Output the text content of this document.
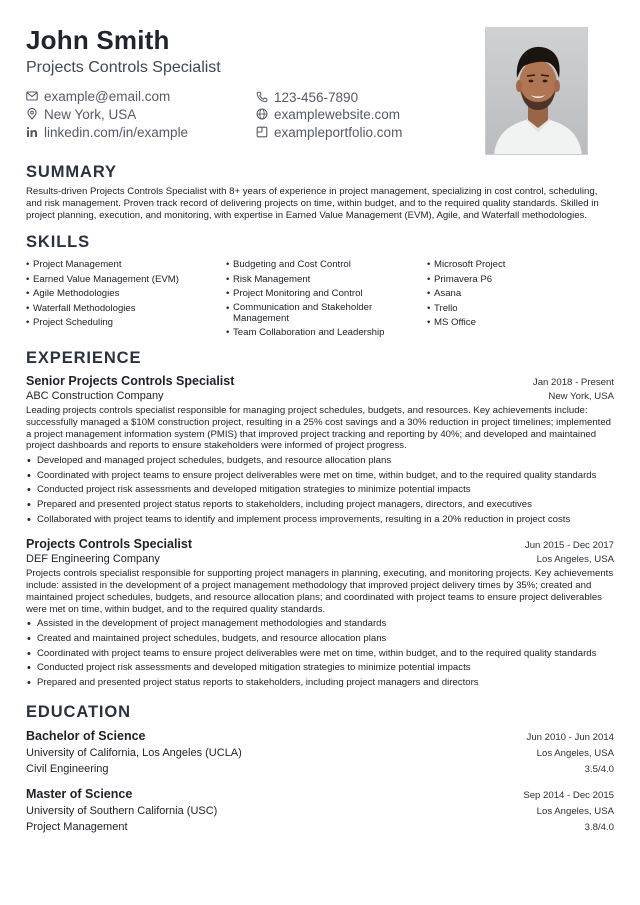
John Smith
Projects Controls Specialist
example@email.com	123-456-7890
New York, USA	examplewebsite.com
linkedin.com/in/example	exampleportfolio.com
SUMMARY
Results-driven Projects Controls Specialist with 8+ years of experience in project management, specializing in cost control, scheduling, and risk management. Proven track record of delivering projects on time, within budget, and to the required quality standards. Skilled in project planning, execution, and monitoring, with expertise in Earned Value Management (EVM), Agile, and Waterfall methodologies.
SKILLS
• Project Management
• Earned Value Management (EVM)
• Agile Methodologies
• Waterfall Methodologies
• Project Scheduling
• Budgeting and Cost Control
• Risk Management
• Project Monitoring and Control
• Communication and Stakeholder Management
• Team Collaboration and Leadership
• Microsoft Project
• Primavera P6
• Asana
• Trello
• MS Office
EXPERIENCE
Senior Projects Controls Specialist	Jan 2018 - Present
ABC Construction Company	New York, USA
Leading projects controls specialist responsible for managing project schedules, budgets, and resources. Key achievements include: successfully managed a $10M construction project, resulting in a 25% cost savings and a 30% reduction in project timelines; implemented a project management information system (PMIS) that improved project tracking and reporting by 40%; and developed and maintained project dashboards and reports to ensure stakeholders were informed of project progress.
• Developed and managed project schedules, budgets, and resource allocation plans
• Coordinated with project teams to ensure project deliverables were met on time, within budget, and to the required quality standards
• Conducted project risk assessments and developed mitigation strategies to minimize potential impacts
• Prepared and presented project status reports to stakeholders, including project managers, directors, and executives
• Collaborated with project teams to identify and implement process improvements, resulting in a 20% reduction in project costs
Projects Controls Specialist	Jun 2015 - Dec 2017
DEF Engineering Company	Los Angeles, USA
Projects controls specialist responsible for supporting project managers in planning, executing, and monitoring projects. Key achievements include: assisted in the development of a project management methodology that improved project delivery times by 35%; created and maintained project schedules, budgets, and resource allocation plans; and coordinated with project teams to ensure project deliverables were met on time, within budget, and to the required quality standards.
• Assisted in the development of project management methodologies and standards
• Created and maintained project schedules, budgets, and resource allocation plans
• Coordinated with project teams to ensure project deliverables were met on time, within budget, and to the required quality standards
• Conducted project risk assessments and developed mitigation strategies to minimize potential impacts
• Prepared and presented project status reports to stakeholders, including project managers and directors
EDUCATION
Bachelor of Science	Jun 2010 - Jun 2014
University of California, Los Angeles (UCLA)	Los Angeles, USA
Civil Engineering	3.5/4.0
Master of Science	Sep 2014 - Dec 2015
University of Southern California (USC)	Los Angeles, USA
Project Management	3.8/4.0
